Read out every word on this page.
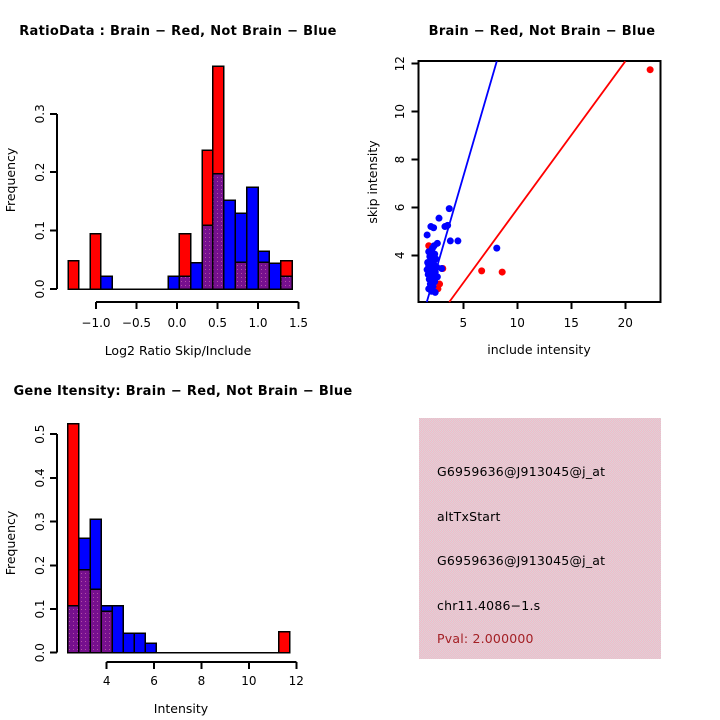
−1.0 −0.5 0.0 0.5 1.0 1.5
0.0
0.1
0.2
0.3
RatioData : Brain − Red, Not Brain − Blue
Log2 Ratio Skip/Include
Frequency
5	10	15	20
4
6
8
10
12
Brain − Red, Not Brain − Blue
include intensity
skip intensity
4	6	8	10	12
0.0
0.1
0.2
0.3
0.4
0.5
Gene Itensity: Brain − Red, Not Brain − Blue
Intensity
Frequency
G6959636@J913045@j_at
altTxStart
G6959636@J913045@j_at
chr11.4086−1.s
Pval: 2.000000
